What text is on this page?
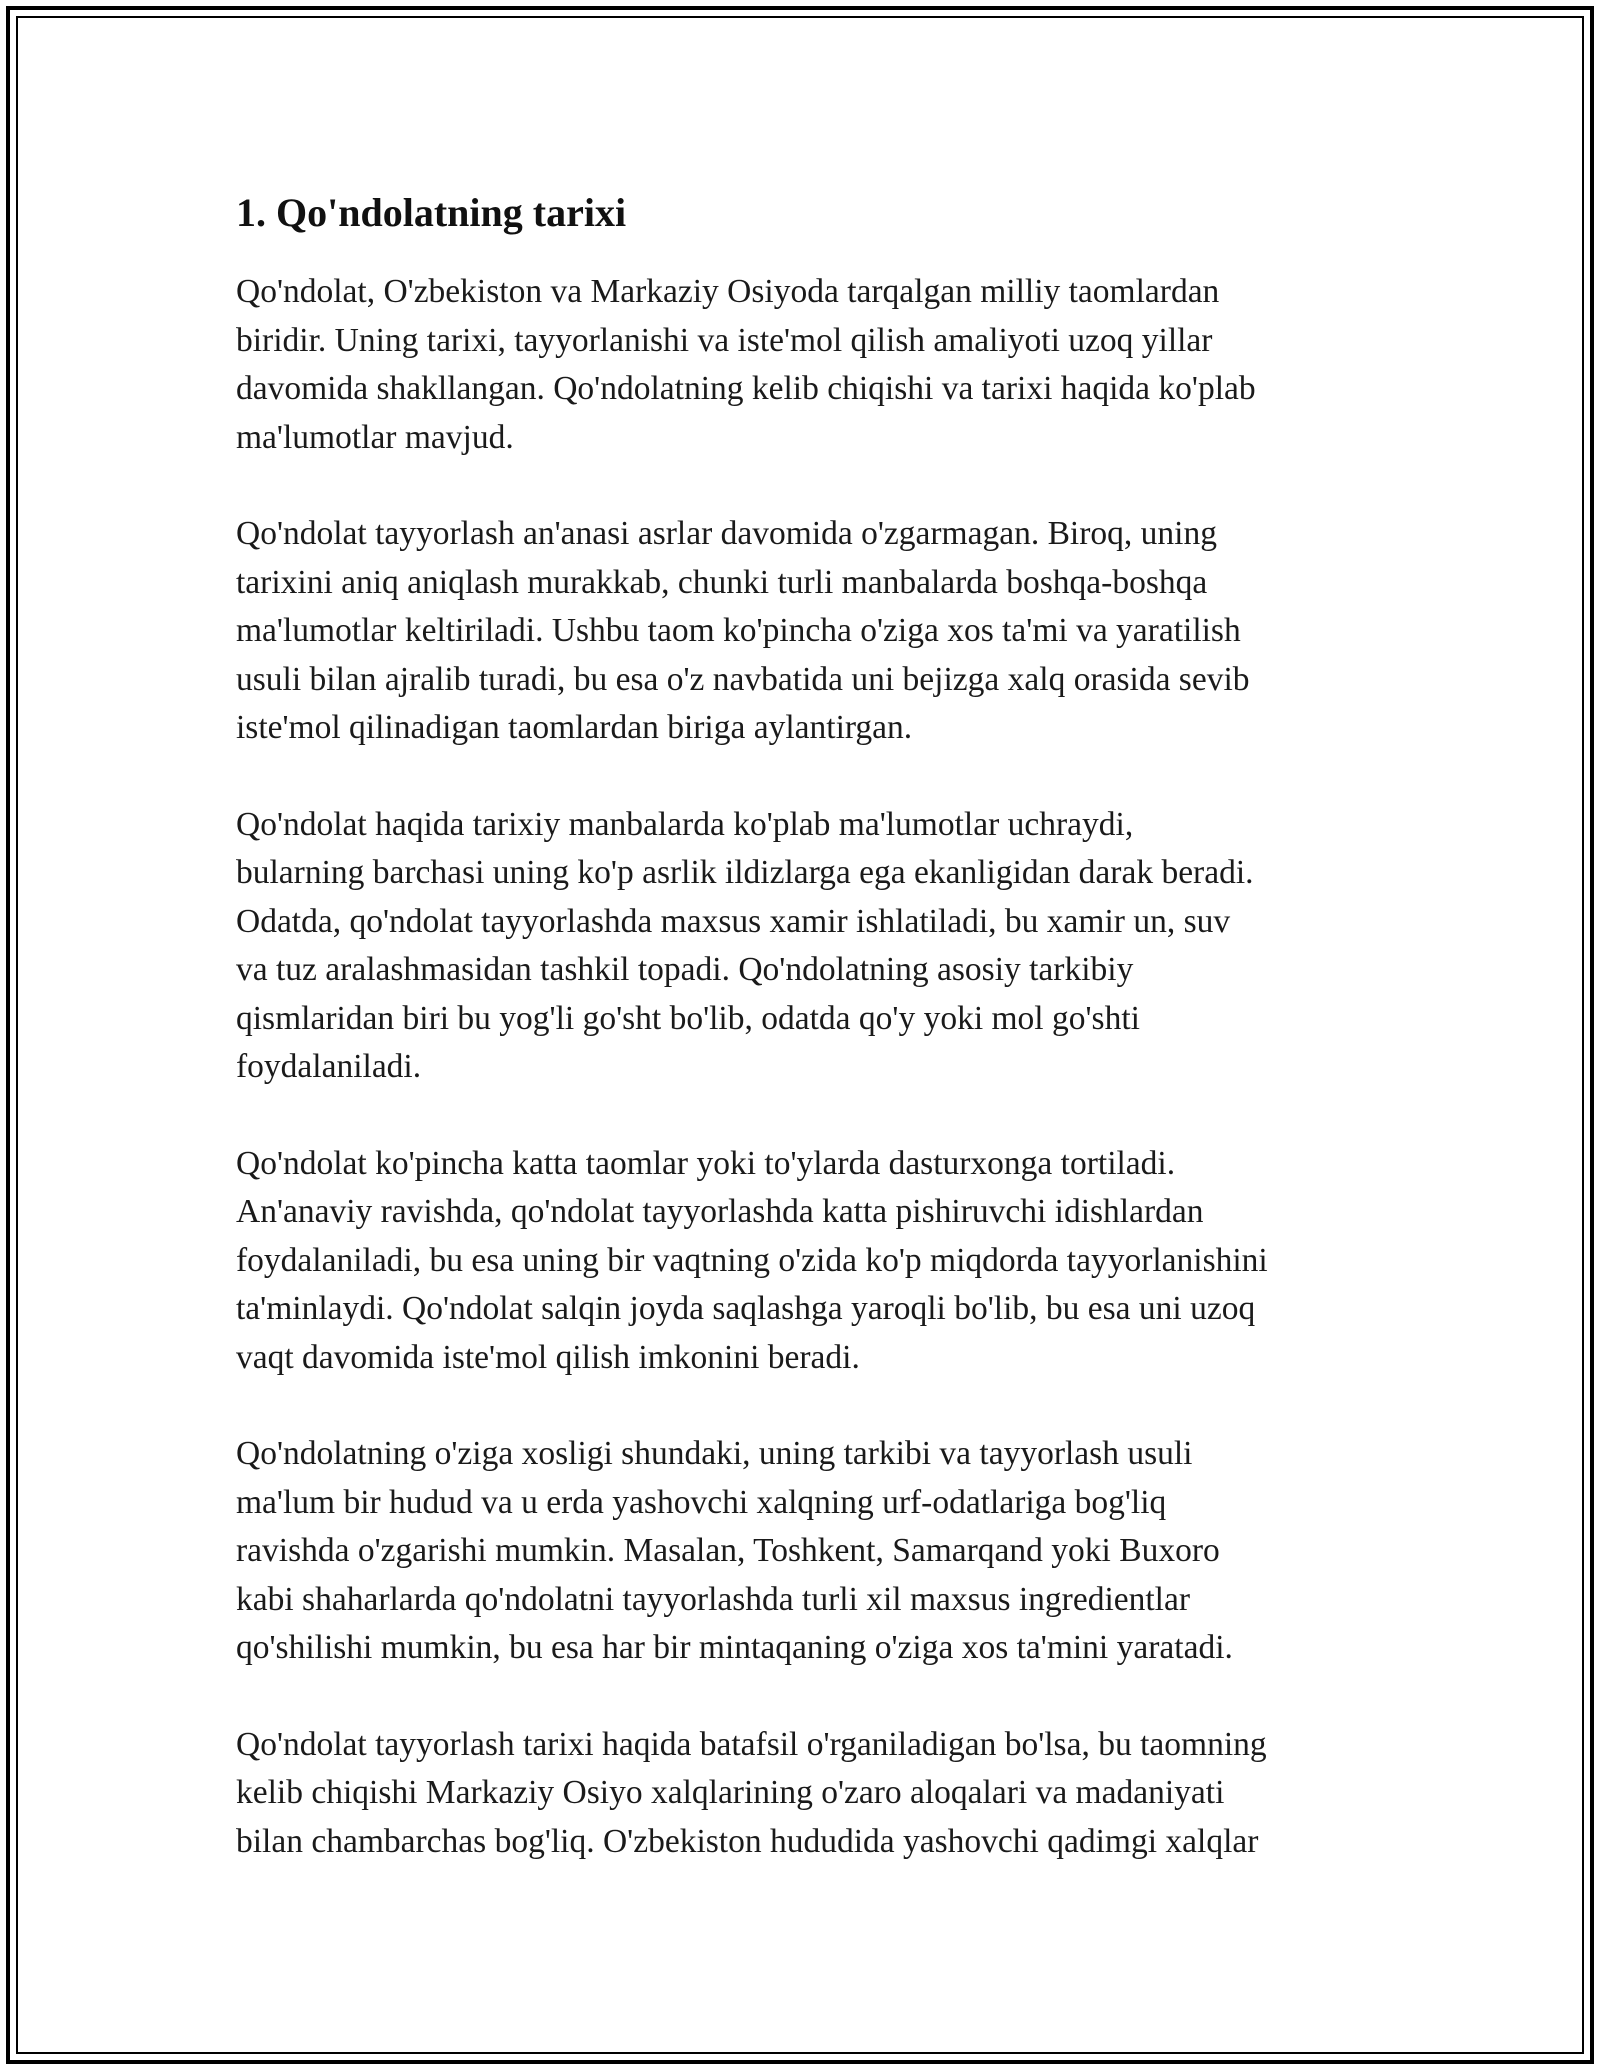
1. Qo'ndolatning tarixi

Qo'ndolat, O'zbekiston va Markaziy Osiyoda tarqalgan milliy taomlardan
biridir. Uning tarixi, tayyorlanishi va iste'mol qilish amaliyoti uzoq yillar
davomida shakllangan. Qo'ndolatning kelib chiqishi va tarixi haqida ko'plab
ma'lumotlar mavjud.

Qo'ndolat tayyorlash an'anasi asrlar davomida o'zgarmagan. Biroq, uning
tarixini aniq aniqlash murakkab, chunki turli manbalarda boshqa-boshqa
ma'lumotlar keltiriladi. Ushbu taom ko'pincha o'ziga xos ta'mi va yaratilish
usuli bilan ajralib turadi, bu esa o'z navbatida uni bejizga xalq orasida sevib
iste'mol qilinadigan taomlardan biriga aylantirgan.

Qo'ndolat haqida tarixiy manbalarda ko'plab ma'lumotlar uchraydi,
bularning barchasi uning ko'p asrlik ildizlarga ega ekanligidan darak beradi.
Odatda, qo'ndolat tayyorlashda maxsus xamir ishlatiladi, bu xamir un, suv
va tuz aralashmasidan tashkil topadi. Qo'ndolatning asosiy tarkibiy
qismlaridan biri bu yog'li go'sht bo'lib, odatda qo'y yoki mol go'shti
foydalaniladi.

Qo'ndolat ko'pincha katta taomlar yoki to'ylarda dasturxonga tortiladi.
An'anaviy ravishda, qo'ndolat tayyorlashda katta pishiruvchi idishlardan
foydalaniladi, bu esa uning bir vaqtning o'zida ko'p miqdorda tayyorlanishini
ta'minlaydi. Qo'ndolat salqin joyda saqlashga yaroqli bo'lib, bu esa uni uzoq
vaqt davomida iste'mol qilish imkonini beradi.

Qo'ndolatning o'ziga xosligi shundaki, uning tarkibi va tayyorlash usuli
ma'lum bir hudud va u erda yashovchi xalqning urf-odatlariga bog'liq
ravishda o'zgarishi mumkin. Masalan, Toshkent, Samarqand yoki Buxoro
kabi shaharlarda qo'ndolatni tayyorlashda turli xil maxsus ingredientlar
qo'shilishi mumkin, bu esa har bir mintaqaning o'ziga xos ta'mini yaratadi.

Qo'ndolat tayyorlash tarixi haqida batafsil o'rganiladigan bo'lsa, bu taomning
kelib chiqishi Markaziy Osiyo xalqlarining o'zaro aloqalari va madaniyati
bilan chambarchas bog'liq. O'zbekiston hududida yashovchi qadimgi xalqlar
